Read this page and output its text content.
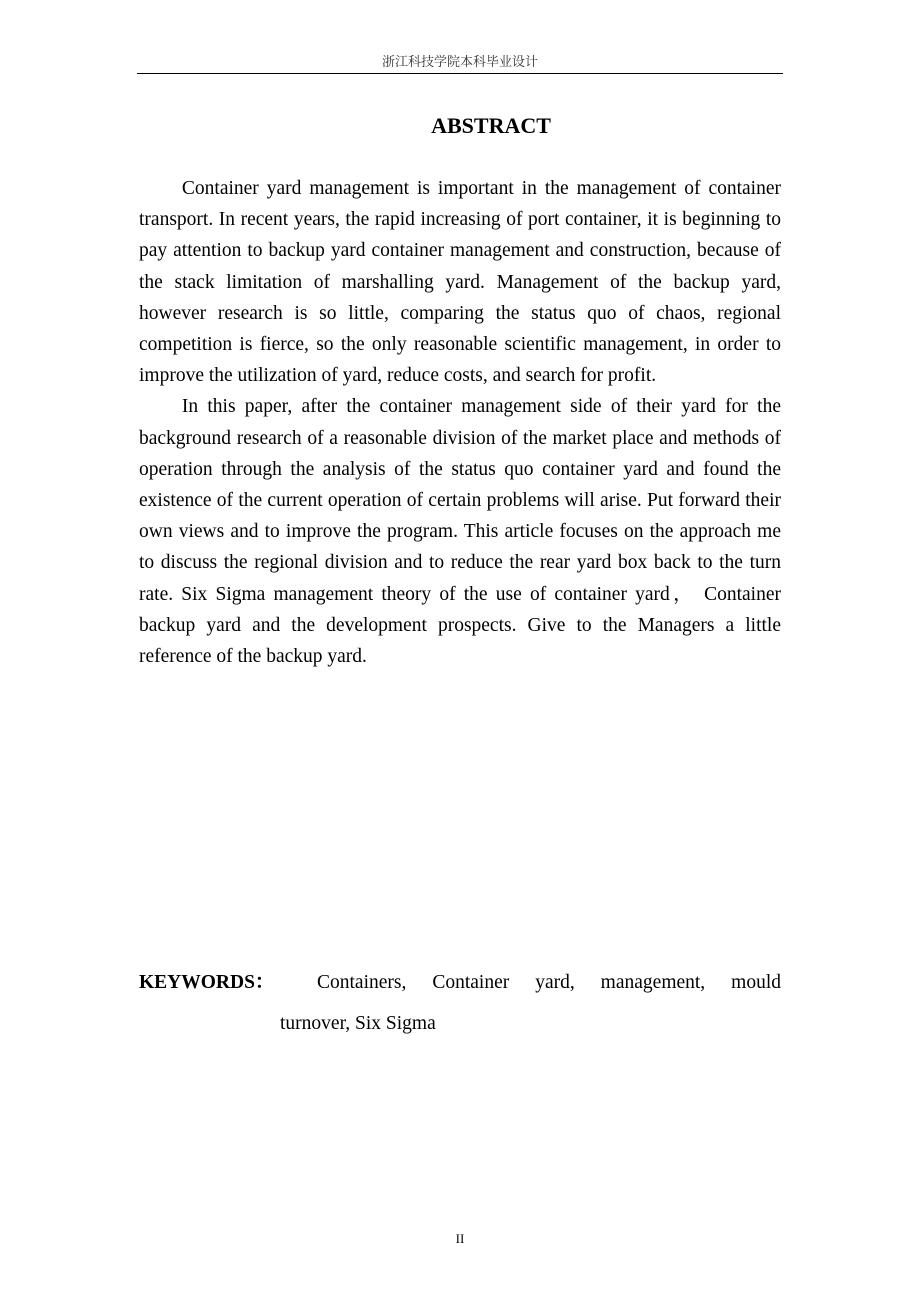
浙江科技学院本科毕业设计
ABSTRACT

Container yard management is important in the management of container transport. In recent years, the rapid increasing of port container, it is beginning to pay attention to backup yard container management and construction, because of the stack limitation of marshalling yard. Management of the backup yard, however research is so little, comparing the status quo of chaos, regional competition is fierce, so the only reasonable scientific management, in order to improve the utilization of yard, reduce costs, and search for profit.

In this paper, after the container management side of their yard for the background research of a reasonable division of the market place and methods of operation through the analysis of the status quo container yard and found the existence of the current operation of certain problems will arise. Put forward their own views and to improve the program. This article focuses on the approach me to discuss the regional division and to reduce the rear yard box back to the turn rate. Six Sigma management theory of the use of container yard， Container backup yard and the development prospects. Give to the Managers a little reference of the backup yard.

KEYWORDS：	Containers, Container yard, management, mould
turnover, Six Sigma
II
